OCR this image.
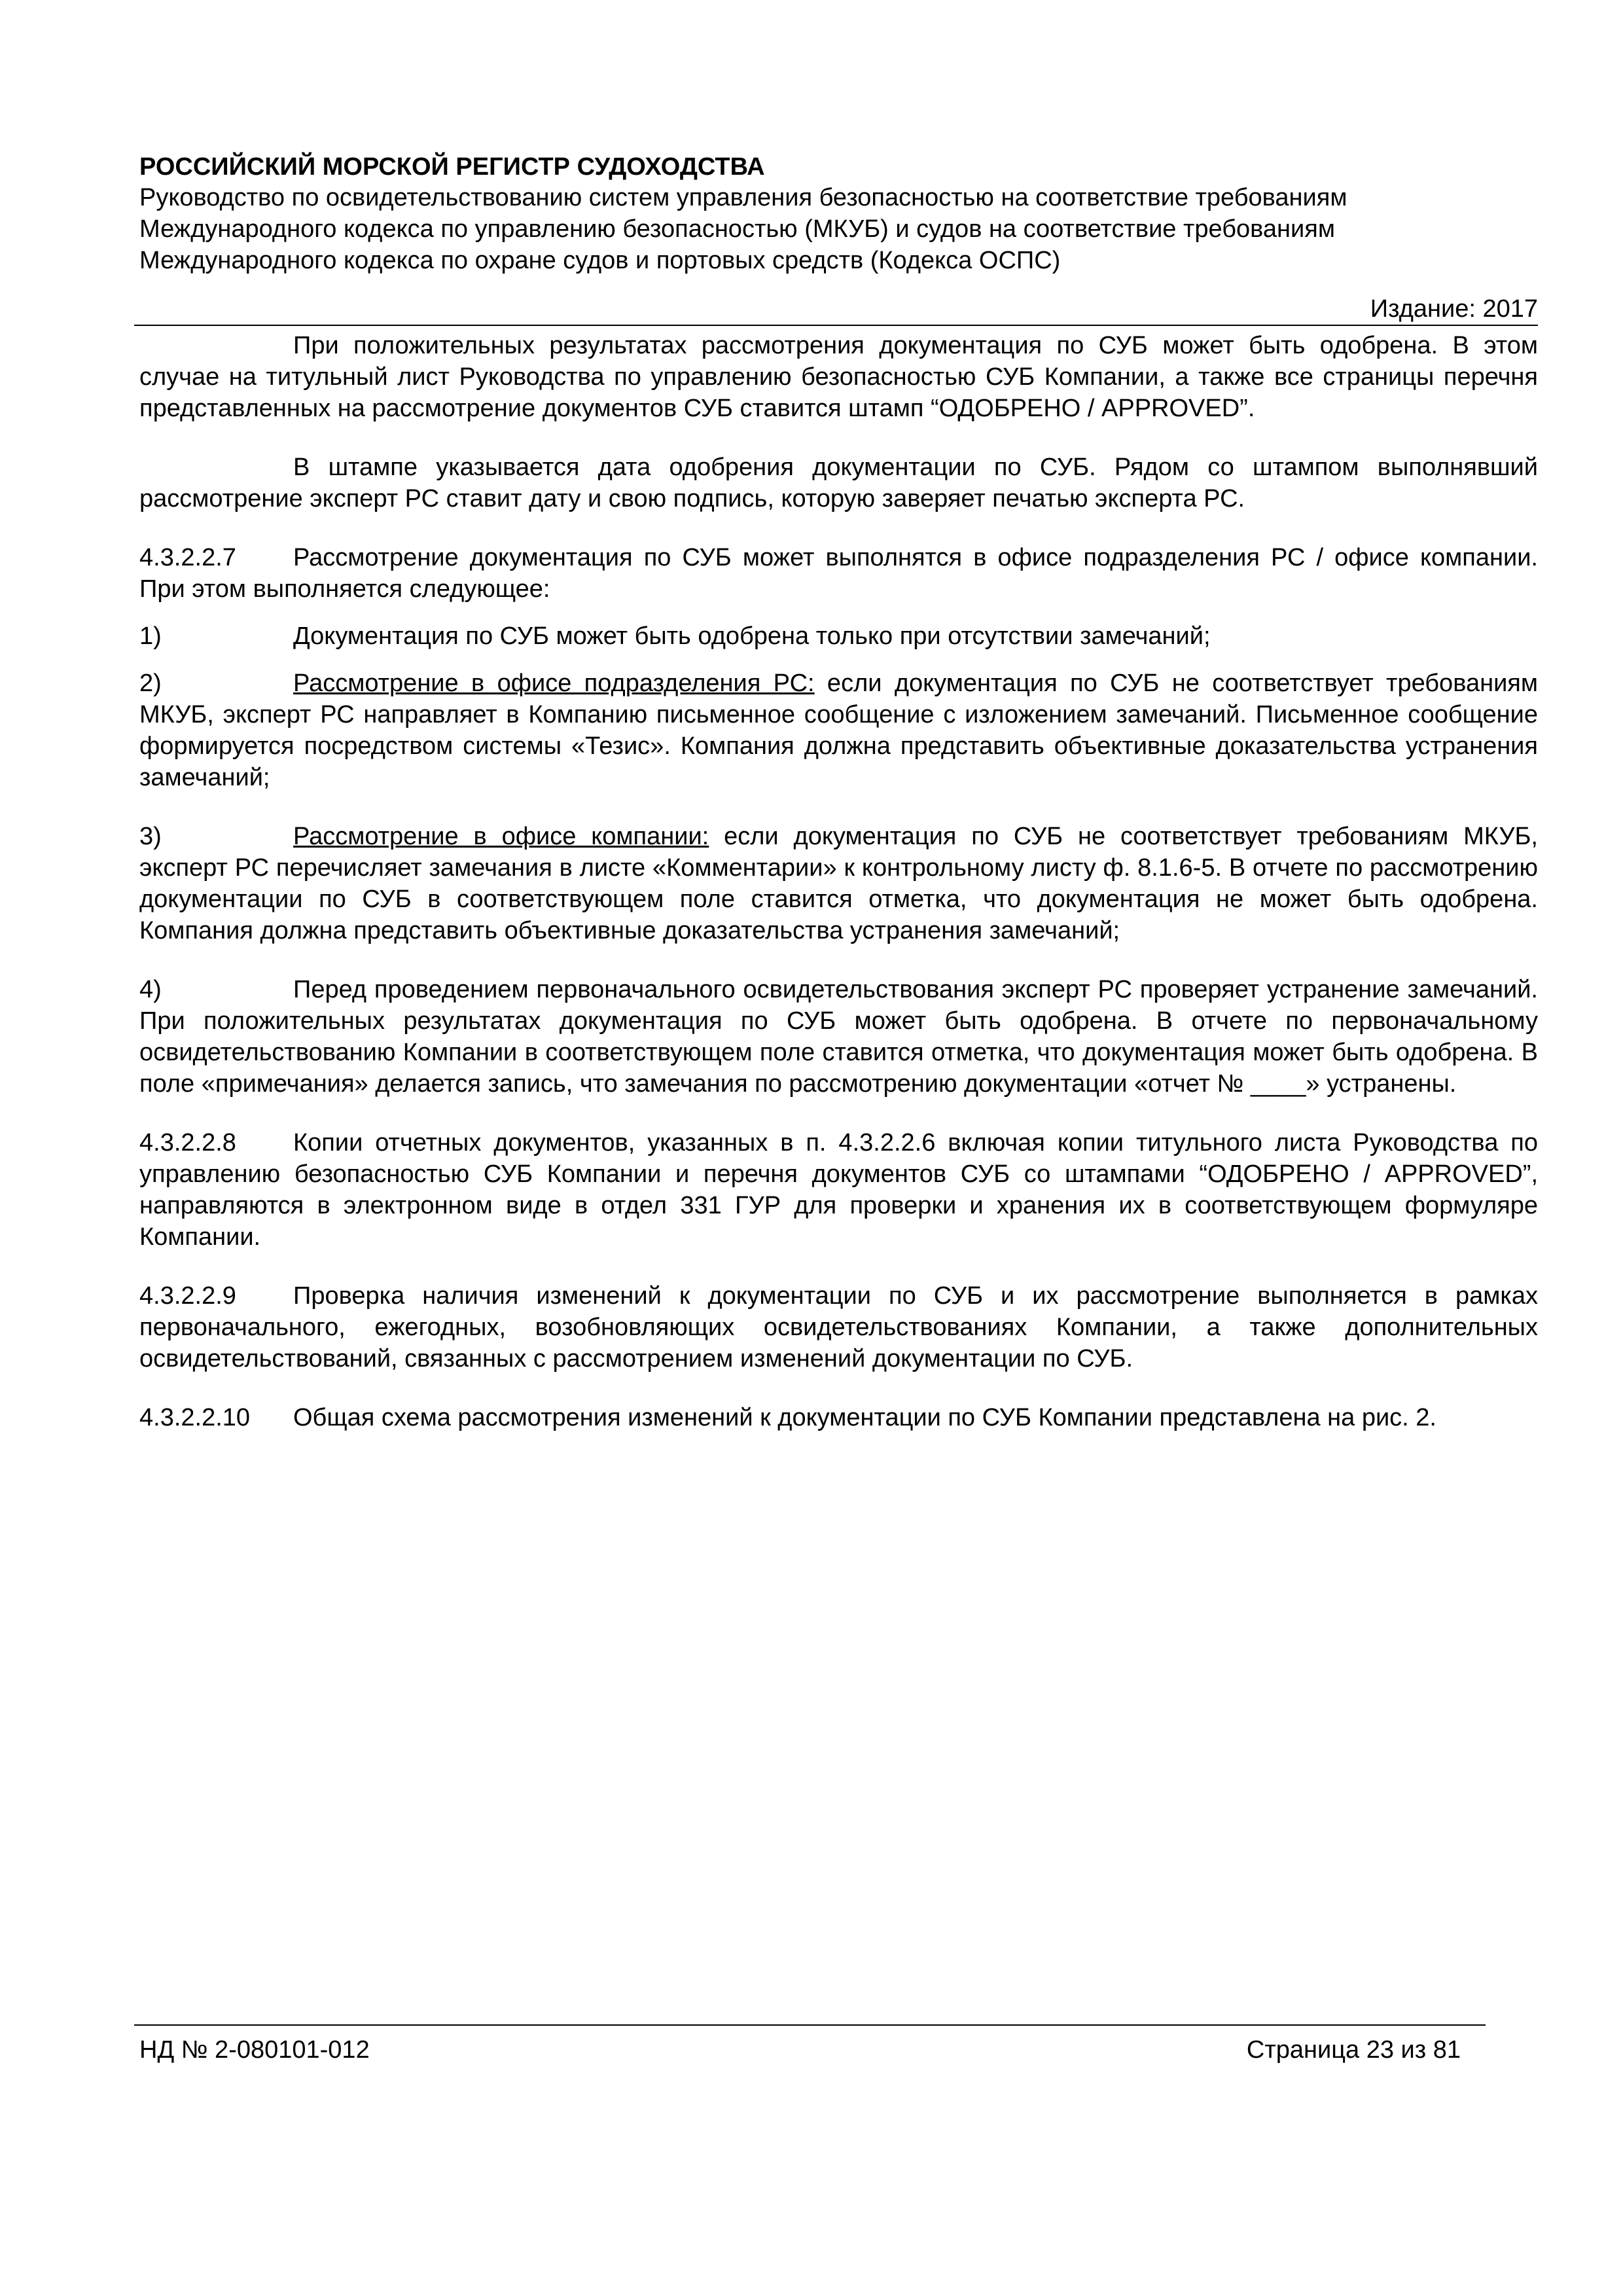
РОССИЙСКИЙ МОРСКОЙ РЕГИСТР СУДОХОДСТВА

Руководство по освидетельствованию систем управления безопасностью на соответствие требованиям

Международного кодекса по управлению безопасностью (МКУБ) и судов на соответствие требованиям

Международного кодекса по охране судов и портовых средств (Кодекса ОСПС)

Издание: 2017

При положительных результатах рассмотрения документация по СУБ может быть одобрена. В этом случае на титульный лист Руководства по управлению безопасностью СУБ Компании, а также все страницы перечня представленных на рассмотрение документов СУБ ставится штамп “ОДОБРЕНО / APPROVED”.

В штампе указывается дата одобрения документации по СУБ. Рядом со штампом выполнявший рассмотрение эксперт РС ставит дату и свою подпись, которую заверяет печатью эксперта РС.

4.3.2.2.7 Рассмотрение документация по СУБ может выполнятся в офисе подразделения РС / офисе компании. При этом выполняется следующее:

1)	Документация по СУБ может быть одобрена только при отсутствии замечаний;

2)	Рассмотрение в офисе подразделения РС: если документация по СУБ не соответствует требованиям МКУБ, эксперт РС направляет в Компанию письменное сообщение с изложением замечаний. Письменное сообщение формируется посредством системы «Тезис». Компания должна представить объективные доказательства устранения замечаний;

3)	Рассмотрение в офисе компании: если документация по СУБ не соответствует требованиям МКУБ, эксперт РС перечисляет замечания в листе «Комментарии» к контрольному листу ф. 8.1.6-5. В отчете по рассмотрению документации по СУБ в соответствующем поле ставится отметка, что документация не может быть одобрена. Компания должна представить объективные доказательства устранения замечаний;

4)	Перед проведением первоначального освидетельствования эксперт РС проверяет устранение замечаний. При положительных результатах документация по СУБ может быть одобрена. В отчете по первоначальному освидетельствованию Компании в соответствующем поле ставится отметка, что документация может быть одобрена. В поле «примечания» делается запись, что замечания по рассмотрению документации «отчет № ____» устранены.

4.3.2.2.8 Копии отчетных документов, указанных в п. 4.3.2.2.6 включая копии титульного листа Руководства по управлению безопасностью СУБ Компании и перечня документов СУБ со штампами “ОДОБРЕНО / APPROVED”, направляются в электронном виде в отдел 331 ГУР для проверки и хранения их в соответствующем формуляре Компании.

4.3.2.2.9 Проверка наличия изменений к документации по СУБ и их рассмотрение выполняется в рамках первоначального, ежегодных, возобновляющих освидетельствованиях Компании, а также дополнительных освидетельствований, связанных с рассмотрением изменений документации по СУБ.

4.3.2.2.10 Общая схема рассмотрения изменений к документации по СУБ Компании представлена на рис. 2.

НД № 2-080101-012	Страница 23 из 81
